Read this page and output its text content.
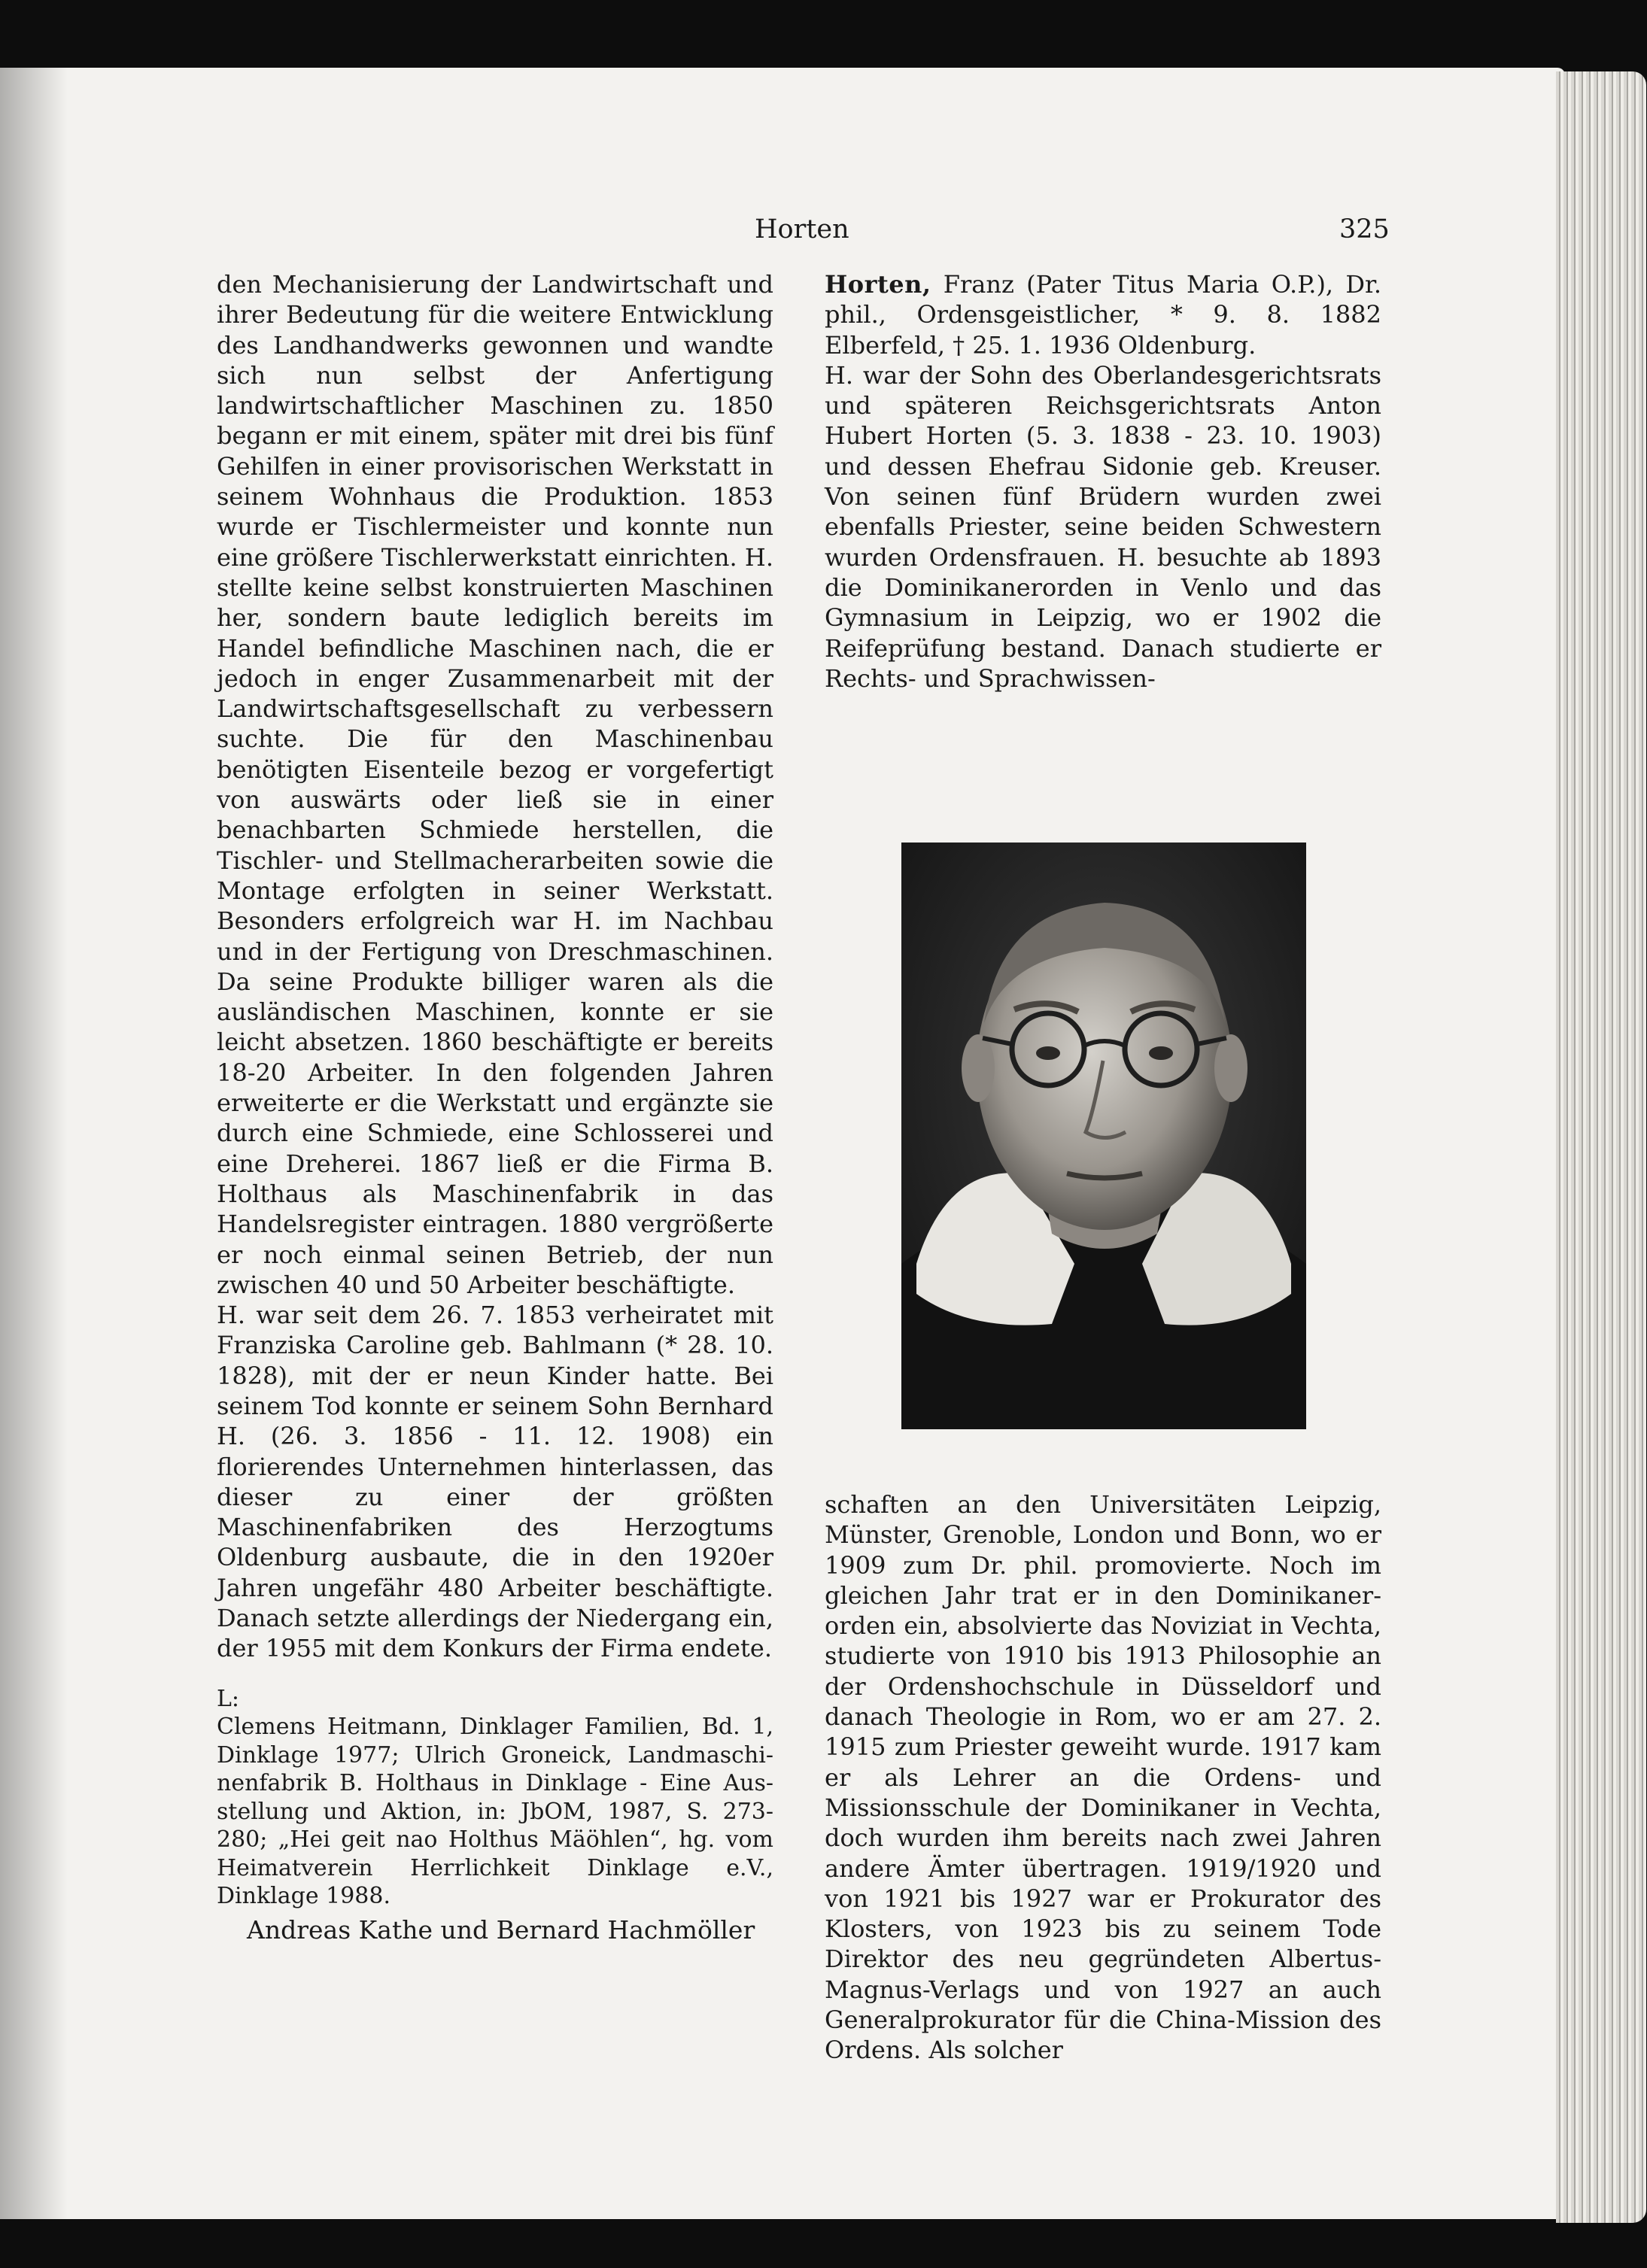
Horten	325

den Mechanisierung der Landwirtschaft und ihrer Bedeutung für die weitere Entwicklung des Landhandwerks gewonnen und wandte sich nun selbst der Anfertigung landwirtschaftlicher Maschinen zu. 1850 begann er mit einem, später mit drei bis fünf Gehilfen in einer provisorischen Werkstatt in seinem Wohnhaus die Produktion. 1853 wurde er Tischlermeister und konnte nun eine größere Tischlerwerkstatt einrichten. H. stellte keine selbst konstruierten Maschinen her, sondern baute lediglich bereits im Handel befindliche Maschinen nach, die er jedoch in enger Zusammenarbeit mit der Landwirtschaftsgesellschaft zu verbessern suchte. Die für den Maschinenbau benötigten Eisenteile bezog er vorgefertigt von auswärts oder ließ sie in einer benachbarten Schmiede herstellen, die Tischler- und Stellmacherarbeiten sowie die Montage erfolgten in seiner Werkstatt. Besonders erfolgreich war H. im Nachbau und in der Fertigung von Dreschmaschinen. Da seine Produkte billiger waren als die ausländischen Maschinen, konnte er sie leicht absetzen. 1860 beschäftigte er bereits 18-20 Arbeiter. In den folgenden Jahren erweiterte er die Werkstatt und ergänzte sie durch eine Schmiede, eine Schlosserei und eine Dreherei. 1867 ließ er die Firma B. Holthaus als Maschinenfabrik in das Handelsregister eintragen. 1880 vergrößerte er noch einmal seinen Betrieb, der nun zwischen 40 und 50 Arbeiter beschäftigte.

H. war seit dem 26. 7. 1853 verheiratet mit Franziska Caroline geb. Bahlmann (* 28. 10. 1828), mit der er neun Kinder hatte. Bei seinem Tod konnte er seinem Sohn Bernhard H. (26. 3. 1856 - 11. 12. 1908) ein florierendes Unternehmen hinterlassen, das dieser zu einer der größten Maschinenfabriken des Herzogtums Oldenburg ausbaute, die in den 1920er Jahren ungefähr 480 Arbeiter beschäftigte. Danach setzte allerdings der Niedergang ein, der 1955 mit dem Konkurs der Firma endete.

L:

Clemens Heitmann, Dinklager Familien, Bd. 1, Dinklage 1977; Ulrich Groneick, Landmaschinenfabrik B. Holthaus in Dinklage - Eine Ausstellung und Aktion, in: JbOM, 1987, S. 273-280; „Hei geit nao Holthus Mäöhlen“, hg. vom Heimatverein Herrlichkeit Dinklage e.V., Dinklage 1988.

Andreas Kathe und Bernard Hachmöller

Horten, Franz (Pater Titus Maria O.P.), Dr. phil., Ordensgeistlicher, * 9. 8. 1882 Elberfeld, † 25. 1. 1936 Oldenburg.

H. war der Sohn des Oberlandesgerichtsrats und späteren Reichsgerichtsrats Anton Hubert Horten (5. 3. 1838 - 23. 10. 1903) und dessen Ehefrau Sidonie geb. Kreuser. Von seinen fünf Brüdern wurden zwei ebenfalls Priester, seine beiden Schwestern wurden Ordensfrauen. H. besuchte ab 1893 die Dominikanerorden in Venlo und das Gymnasium in Leipzig, wo er 1902 die Reifeprüfung bestand. Danach studierte er Rechts- und Sprachwissen-

schaften an den Universitäten Leipzig, Münster, Grenoble, London und Bonn, wo er 1909 zum Dr. phil. promovierte. Noch im gleichen Jahr trat er in den Dominikanerorden ein, absolvierte das Noviziat in Vechta, studierte von 1910 bis 1913 Philosophie an der Ordenshochschule in Düsseldorf und danach Theologie in Rom, wo er am 27. 2. 1915 zum Priester geweiht wurde. 1917 kam er als Lehrer an die Ordens- und Missionsschule der Dominikaner in Vechta, doch wurden ihm bereits nach zwei Jahren andere Ämter übertragen. 1919/1920 und von 1921 bis 1927 war er Prokurator des Klosters, von 1923 bis zu seinem Tode Direktor des neu gegründeten Albertus-Magnus-Verlags und von 1927 an auch Generalprokurator für die China-Mission des Ordens. Als solcher
